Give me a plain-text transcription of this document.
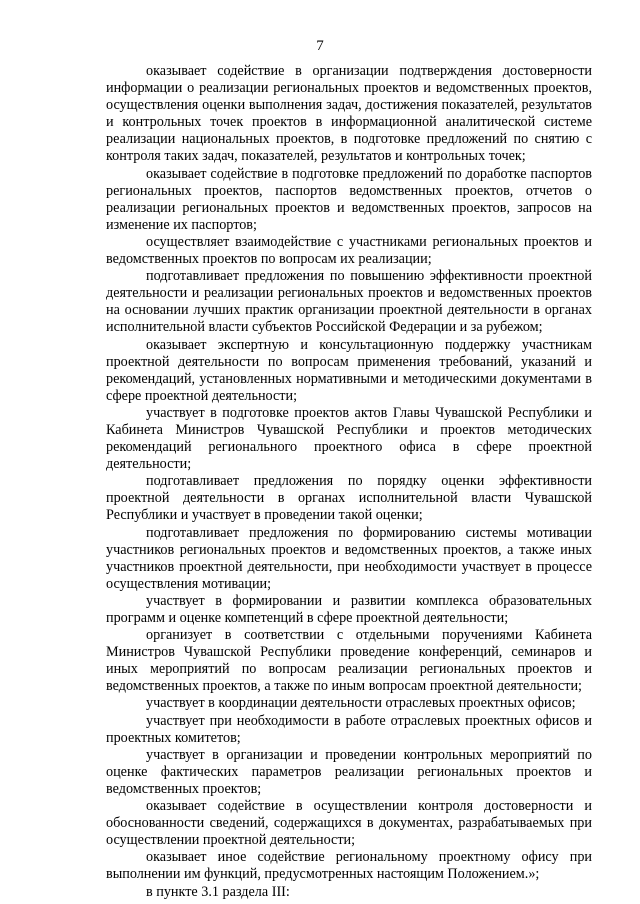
7

оказывает содействие в организации подтверждения достоверности информации о реализации региональных проектов и ведомственных проектов, осуществления оценки выполнения задач, достижения показателей, результатов и контрольных точек проектов в информационной аналитической системе реализации национальных проектов, в подготовке предложений по снятию с контроля таких задач, показателей, результатов и контрольных точек;

оказывает содействие в подготовке предложений по доработке паспортов региональных проектов, паспортов ведомственных проектов, отчетов о реализации региональных проектов и ведомственных проектов, запросов на изменение их паспортов;

осуществляет взаимодействие с участниками региональных проектов и ведомственных проектов по вопросам их реализации;

подготавливает предложения по повышению эффективности проектной деятельности и реализации региональных проектов и ведомственных проектов на основании лучших практик организации проектной деятельности в органах исполнительной власти субъектов Российской Федерации и за рубежом;

оказывает экспертную и консультационную поддержку участникам проектной деятельности по вопросам применения требований, указаний и рекомендаций, установленных нормативными и методическими документами в сфере проектной деятельности;

участвует в подготовке проектов актов Главы Чувашской Республики и Кабинета Министров Чувашской Республики и проектов методических рекомендаций регионального проектного офиса в сфере проектной деятельности;

подготавливает предложения по порядку оценки эффективности проектной деятельности в органах исполнительной власти Чувашской Республики и участвует в проведении такой оценки;

подготавливает предложения по формированию системы мотивации участников региональных проектов и ведомственных проектов, а также иных участников проектной деятельности, при необходимости участвует в процессе осуществления мотивации;

участвует в формировании и развитии комплекса образовательных программ и оценке компетенций в сфере проектной деятельности;

организует в соответствии с отдельными поручениями Кабинета Министров Чувашской Республики проведение конференций, семинаров и иных мероприятий по вопросам реализации региональных проектов и ведомственных проектов, а также по иным вопросам проектной деятельности;

участвует в координации деятельности отраслевых проектных офисов;

участвует при необходимости в работе отраслевых проектных офисов и проектных комитетов;

участвует в организации и проведении контрольных мероприятий по оценке фактических параметров реализации региональных проектов и ведомственных проектов;

оказывает содействие в осуществлении контроля достоверности и обоснованности сведений, содержащихся в документах, разрабатываемых при осуществлении проектной деятельности;

оказывает иное содействие региональному проектному офису при выполнении им функций, предусмотренных настоящим Положением.»;

в пункте 3.1 раздела III:
